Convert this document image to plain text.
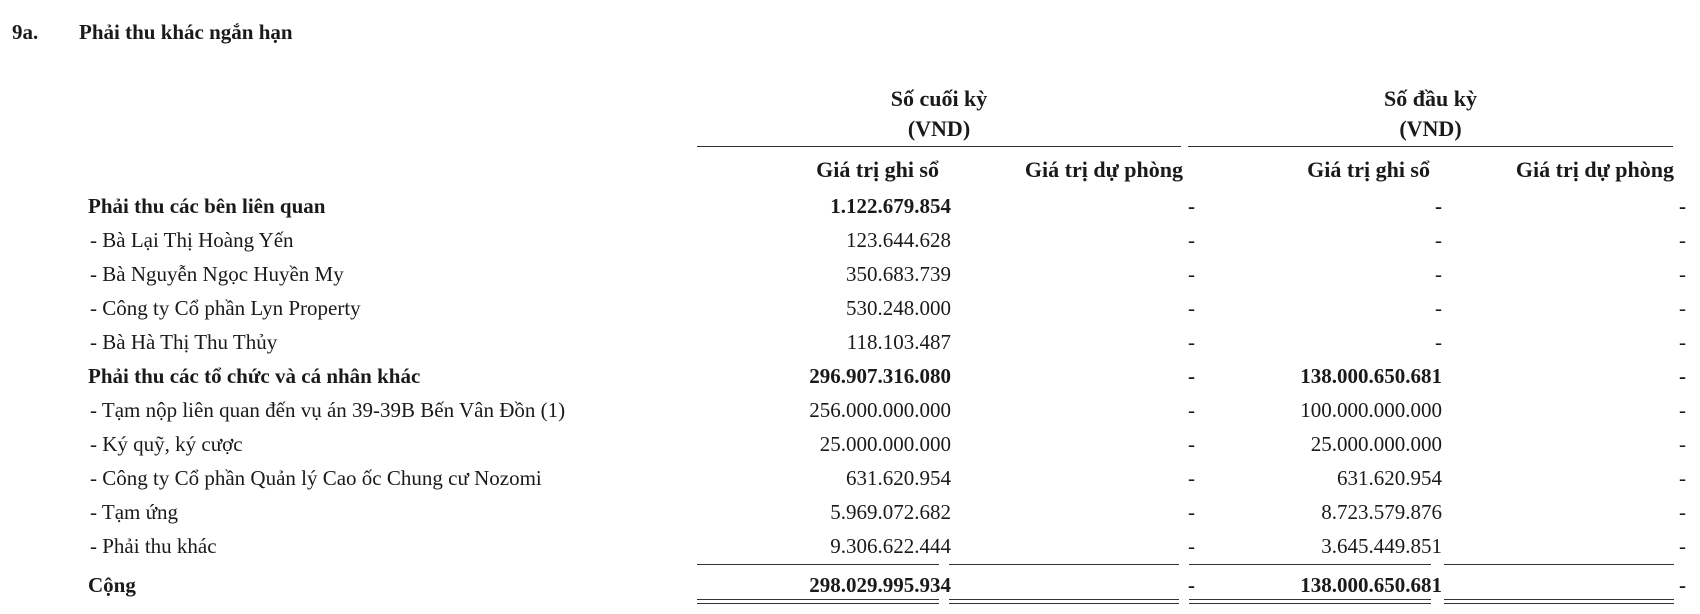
9a. Phải thu khác ngắn hạn
Số cuối kỳ
(VND)
Số đầu kỳ
(VND)
Giá trị ghi sổ	Giá trị dự phòng	Giá trị ghi sổ	Giá trị dự phòng
Phải thu các bên liên quan	1.122.679.854	-	-	-
- Bà Lại Thị Hoàng Yến	123.644.628	-	-	-
- Bà Nguyễn Ngọc Huyền My	350.683.739	-	-	-
- Công ty Cổ phần Lyn Property	530.248.000	-	-	-
- Bà Hà Thị Thu Thủy	118.103.487	-	-	-
Phải thu các tổ chức và cá nhân khác	296.907.316.080	-	138.000.650.681	-
- Tạm nộp liên quan đến vụ án 39-39B Bến Vân Đồn (1)	256.000.000.000	-	100.000.000.000	-
- Ký quỹ, ký cược	25.000.000.000	-	25.000.000.000	-
- Công ty Cổ phần Quản lý Cao ốc Chung cư Nozomi	631.620.954	-	631.620.954	-
- Tạm ứng	5.969.072.682	-	8.723.579.876	-
- Phải thu khác	9.306.622.444	-	3.645.449.851	-
Cộng	298.029.995.934	-	138.000.650.681	-
